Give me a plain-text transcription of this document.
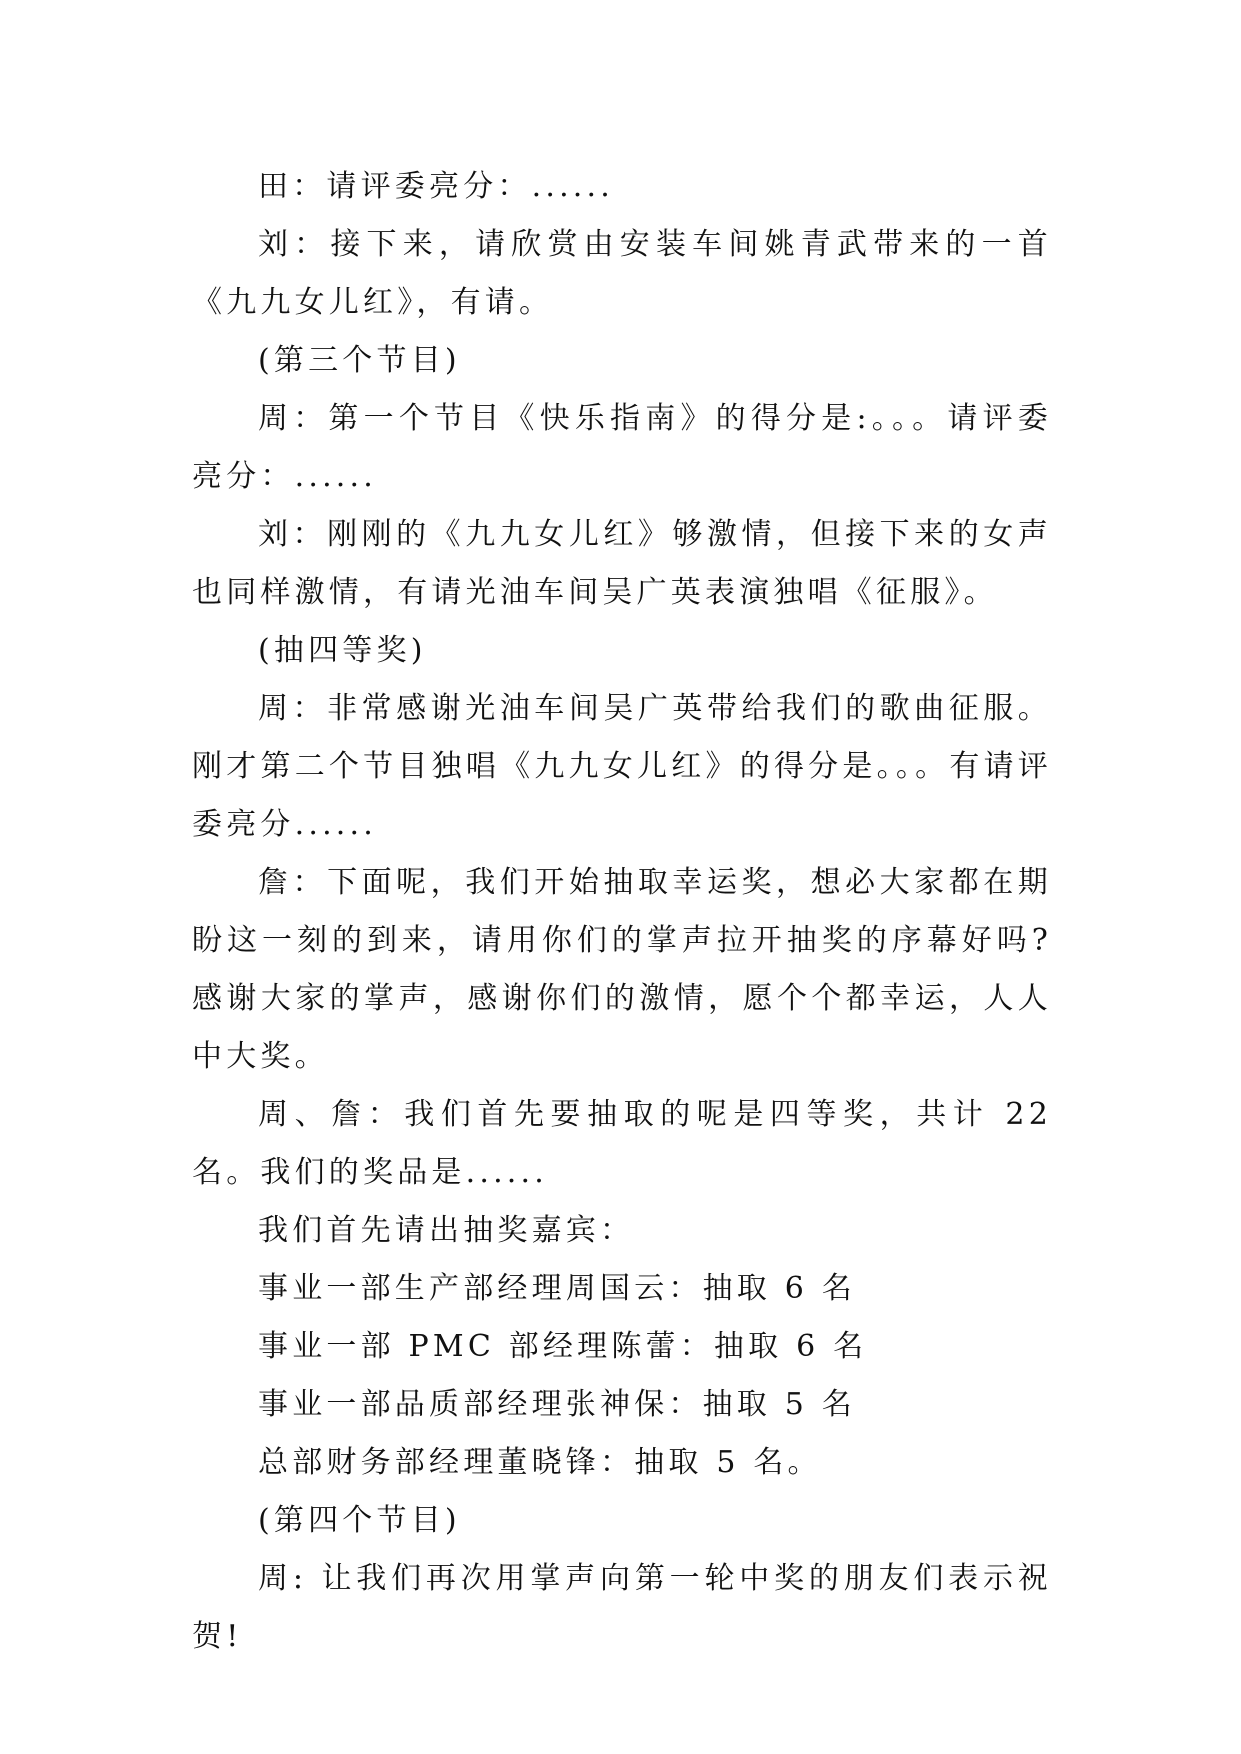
田：请评委亮分：......

刘：接下来，请欣赏由安装车间姚青武带来的一首《九九女儿红》，有请。

(第三个节目)

周：第一个节目《快乐指南》的得分是:。。。请评委亮分：......

刘：刚刚的《九九女儿红》够激情，但接下来的女声也同样激情，有请光油车间吴广英表演独唱《征服》。

(抽四等奖)

周：非常感谢光油车间吴广英带给我们的歌曲征服。刚才第二个节目独唱《九九女儿红》的得分是。。。有请评委亮分......

詹：下面呢，我们开始抽取幸运奖，想必大家都在期盼这一刻的到来，请用你们的掌声拉开抽奖的序幕好吗?感谢大家的掌声，感谢你们的激情，愿个个都幸运，人人中大奖。

周、詹：我们首先要抽取的呢是四等奖，共计 22 名。我们的奖品是......

我们首先请出抽奖嘉宾：

事业一部生产部经理周国云：抽取 6 名

事业一部 PMC 部经理陈蕾：抽取 6 名

事业一部品质部经理张神保：抽取 5 名

总部财务部经理董晓锋：抽取 5 名。

(第四个节目)

周: 让我们再次用掌声向第一轮中奖的朋友们表示祝贺!
